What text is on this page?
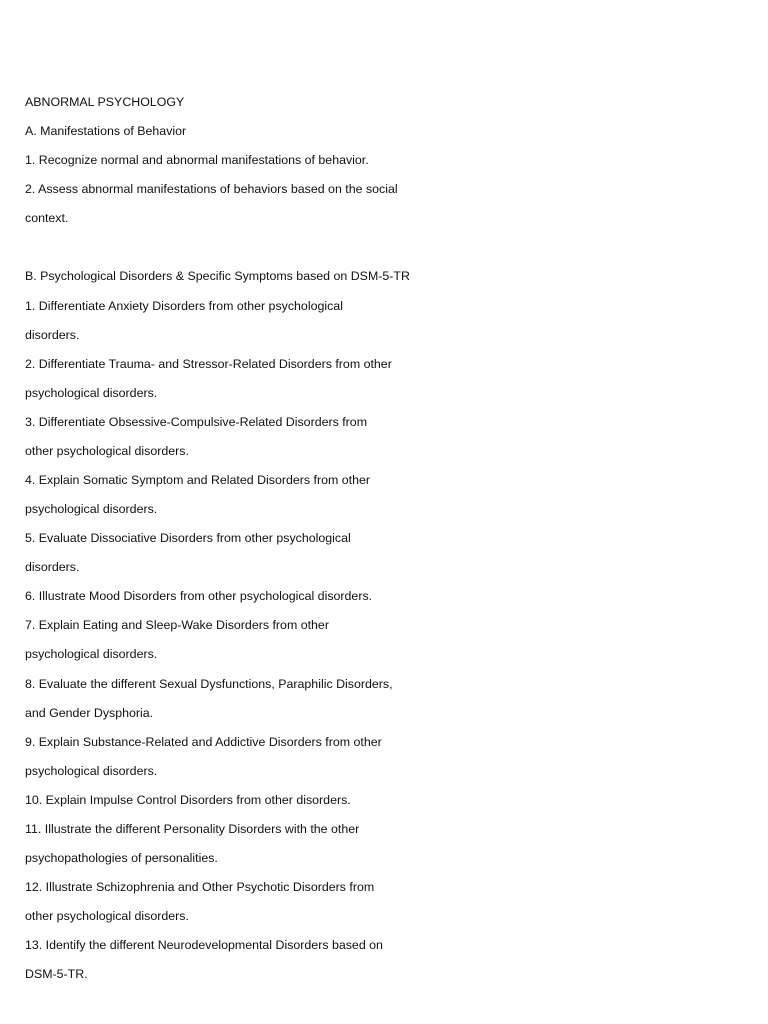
ABNORMAL PSYCHOLOGY
A. Manifestations of Behavior
1. Recognize normal and abnormal manifestations of behavior.
2. Assess abnormal manifestations of behaviors based on the social
context.
B. Psychological Disorders & Specific Symptoms based on DSM-5-TR
1. Differentiate Anxiety Disorders from other psychological
disorders.
2. Differentiate Trauma- and Stressor-Related Disorders from other
psychological disorders.
3. Differentiate Obsessive-Compulsive-Related Disorders from
other psychological disorders.
4. Explain Somatic Symptom and Related Disorders from other
psychological disorders.
5. Evaluate Dissociative Disorders from other psychological
disorders.
6. Illustrate Mood Disorders from other psychological disorders.
7. Explain Eating and Sleep-Wake Disorders from other
psychological disorders.
8. Evaluate the different Sexual Dysfunctions, Paraphilic Disorders,
and Gender Dysphoria.
9. Explain Substance-Related and Addictive Disorders from other
psychological disorders.
10. Explain Impulse Control Disorders from other disorders.
11. Illustrate the different Personality Disorders with the other
psychopathologies of personalities.
12. Illustrate Schizophrenia and Other Psychotic Disorders from
other psychological disorders.
13. Identify the different Neurodevelopmental Disorders based on
DSM-5-TR.
